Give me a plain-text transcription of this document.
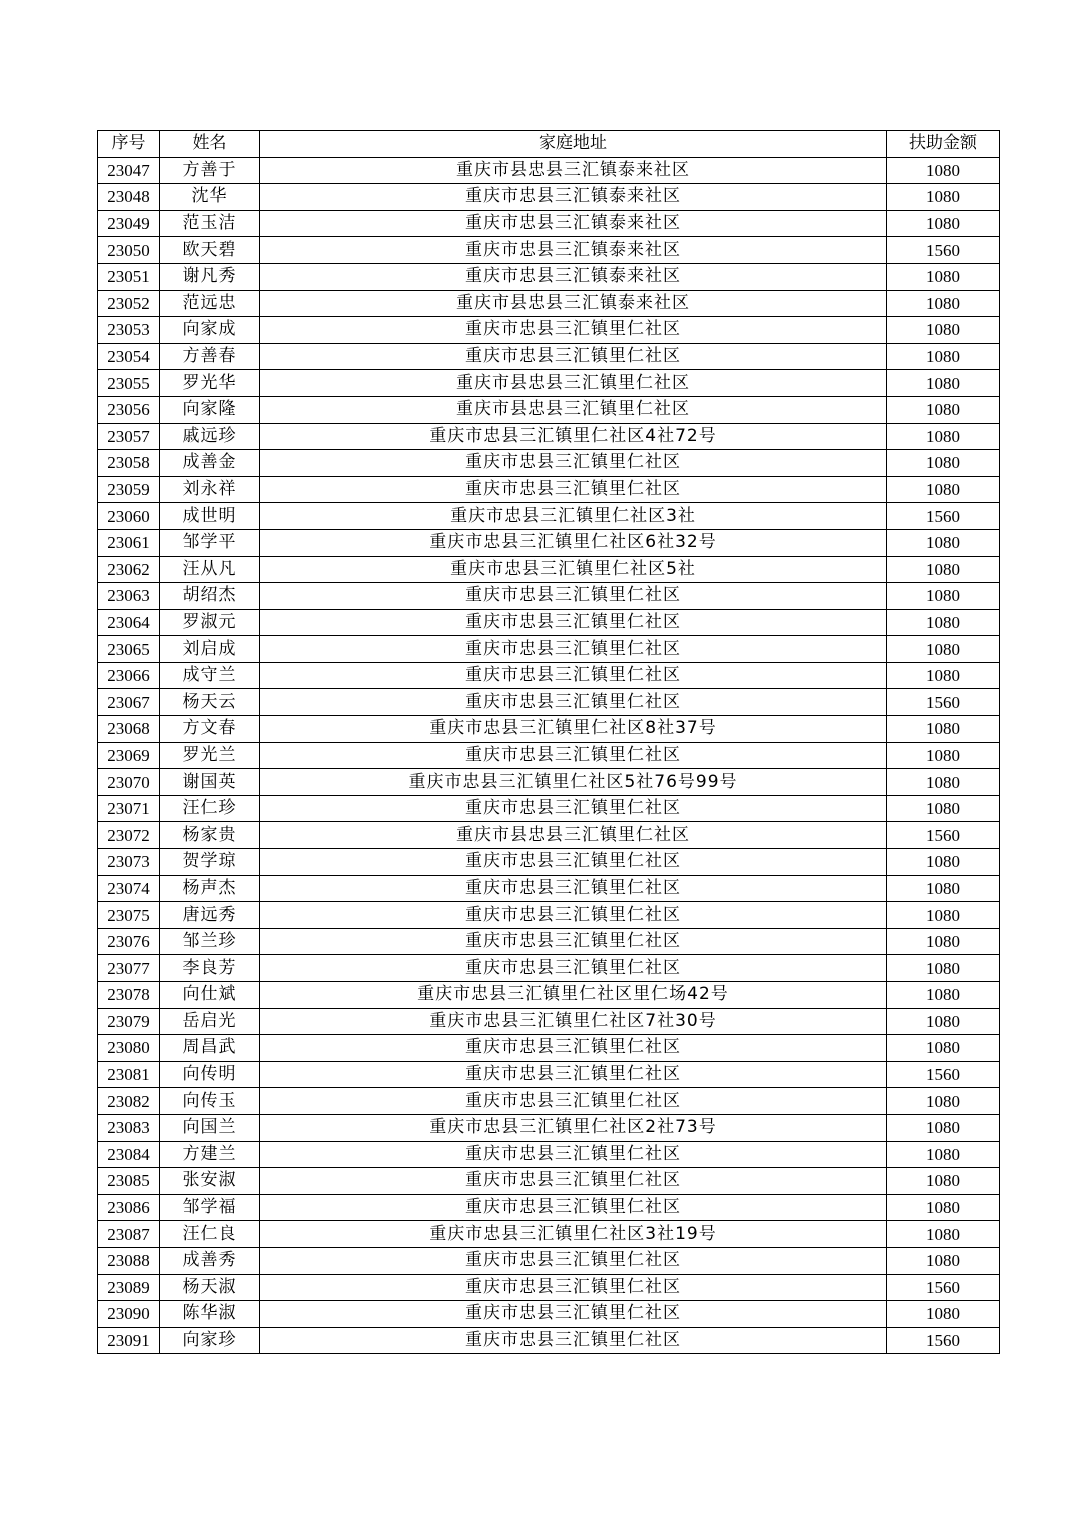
序号	姓名	家庭地址	扶助金额
23047	方善于	重庆市县忠县三汇镇泰来社区	1080
23048	沈华	重庆市忠县三汇镇泰来社区	1080
23049	范玉洁	重庆市忠县三汇镇泰来社区	1080
23050	欧天碧	重庆市忠县三汇镇泰来社区	1560
23051	谢凡秀	重庆市忠县三汇镇泰来社区	1080
23052	范远忠	重庆市县忠县三汇镇泰来社区	1080
23053	向家成	重庆市忠县三汇镇里仁社区	1080
23054	方善春	重庆市忠县三汇镇里仁社区	1080
23055	罗光华	重庆市县忠县三汇镇里仁社区	1080
23056	向家隆	重庆市县忠县三汇镇里仁社区	1080
23057	戚远珍	重庆市忠县三汇镇里仁社区4社72号	1080
23058	成善金	重庆市忠县三汇镇里仁社区	1080
23059	刘永祥	重庆市忠县三汇镇里仁社区	1080
23060	成世明	重庆市忠县三汇镇里仁社区3社	1560
23061	邹学平	重庆市忠县三汇镇里仁社区6社32号	1080
23062	汪从凡	重庆市忠县三汇镇里仁社区5社	1080
23063	胡绍杰	重庆市忠县三汇镇里仁社区	1080
23064	罗淑元	重庆市忠县三汇镇里仁社区	1080
23065	刘启成	重庆市忠县三汇镇里仁社区	1080
23066	成守兰	重庆市忠县三汇镇里仁社区	1080
23067	杨天云	重庆市忠县三汇镇里仁社区	1560
23068	方文春	重庆市忠县三汇镇里仁社区8社37号	1080
23069	罗光兰	重庆市忠县三汇镇里仁社区	1080
23070	谢国英	重庆市忠县三汇镇里仁社区5社76号99号	1080
23071	汪仁珍	重庆市忠县三汇镇里仁社区	1080
23072	杨家贵	重庆市县忠县三汇镇里仁社区	1560
23073	贺学琼	重庆市忠县三汇镇里仁社区	1080
23074	杨声杰	重庆市忠县三汇镇里仁社区	1080
23075	唐远秀	重庆市忠县三汇镇里仁社区	1080
23076	邹兰珍	重庆市忠县三汇镇里仁社区	1080
23077	李良芳	重庆市忠县三汇镇里仁社区	1080
23078	向仕斌	重庆市忠县三汇镇里仁社区里仁场42号	1080
23079	岳启光	重庆市忠县三汇镇里仁社区7社30号	1080
23080	周昌武	重庆市忠县三汇镇里仁社区	1080
23081	向传明	重庆市忠县三汇镇里仁社区	1560
23082	向传玉	重庆市忠县三汇镇里仁社区	1080
23083	向国兰	重庆市忠县三汇镇里仁社区2社73号	1080
23084	方建兰	重庆市忠县三汇镇里仁社区	1080
23085	张安淑	重庆市忠县三汇镇里仁社区	1080
23086	邹学福	重庆市忠县三汇镇里仁社区	1080
23087	汪仁良	重庆市忠县三汇镇里仁社区3社19号	1080
23088	成善秀	重庆市忠县三汇镇里仁社区	1080
23089	杨天淑	重庆市忠县三汇镇里仁社区	1560
23090	陈华淑	重庆市忠县三汇镇里仁社区	1080
23091	向家珍	重庆市忠县三汇镇里仁社区	1560
